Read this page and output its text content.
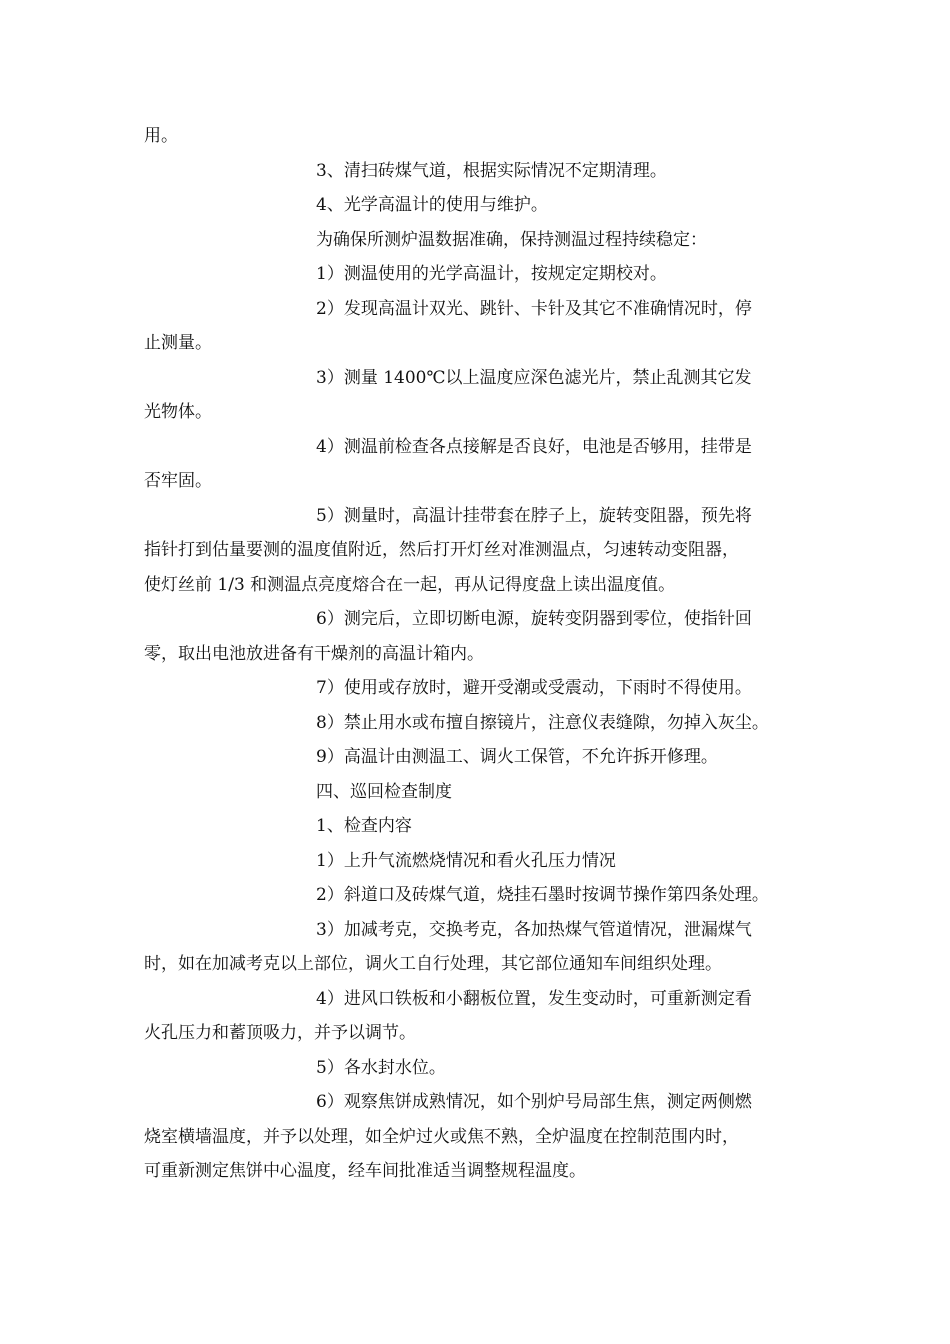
用。
3、清扫砖煤气道，根据实际情况不定期清理。
4、光学高温计的使用与维护。
为确保所测炉温数据准确，保持测温过程持续稳定：
1）测温使用的光学高温计，按规定定期校对。
2）发现高温计双光、跳针、卡针及其它不准确情况时，停
止测量。
3）测量 1400℃以上温度应深色滤光片，禁止乱测其它发
光物体。
4）测温前检查各点接解是否良好，电池是否够用，挂带是
否牢固。
5）测量时，高温计挂带套在脖子上，旋转变阻器，预先将
指针打到估量要测的温度值附近，然后打开灯丝对准测温点，匀速转动变阻器，
使灯丝前 1/3 和测温点亮度熔合在一起，再从记得度盘上读出温度值。
6）测完后，立即切断电源，旋转变阴器到零位，使指针回
零，取出电池放进备有干燥剂的高温计箱内。
7）使用或存放时，避开受潮或受震动，下雨时不得使用。
8）禁止用水或布擅自擦镜片，注意仪表缝隙，勿掉入灰尘。
9）高温计由测温工、调火工保管，不允许拆开修理。
四、巡回检查制度
1、检查内容
1）上升气流燃烧情况和看火孔压力情况
2）斜道口及砖煤气道，烧挂石墨时按调节操作第四条处理。
3）加减考克，交换考克，各加热煤气管道情况，泄漏煤气
时，如在加减考克以上部位，调火工自行处理，其它部位通知车间组织处理。
4）进风口铁板和小翻板位置，发生变动时，可重新测定看
火孔压力和蓄顶吸力，并予以调节。
5）各水封水位。
6）观察焦饼成熟情况，如个别炉号局部生焦，测定两侧燃
烧室横墙温度，并予以处理，如全炉过火或焦不熟，全炉温度在控制范围内时，
可重新测定焦饼中心温度，经车间批准适当调整规程温度。
